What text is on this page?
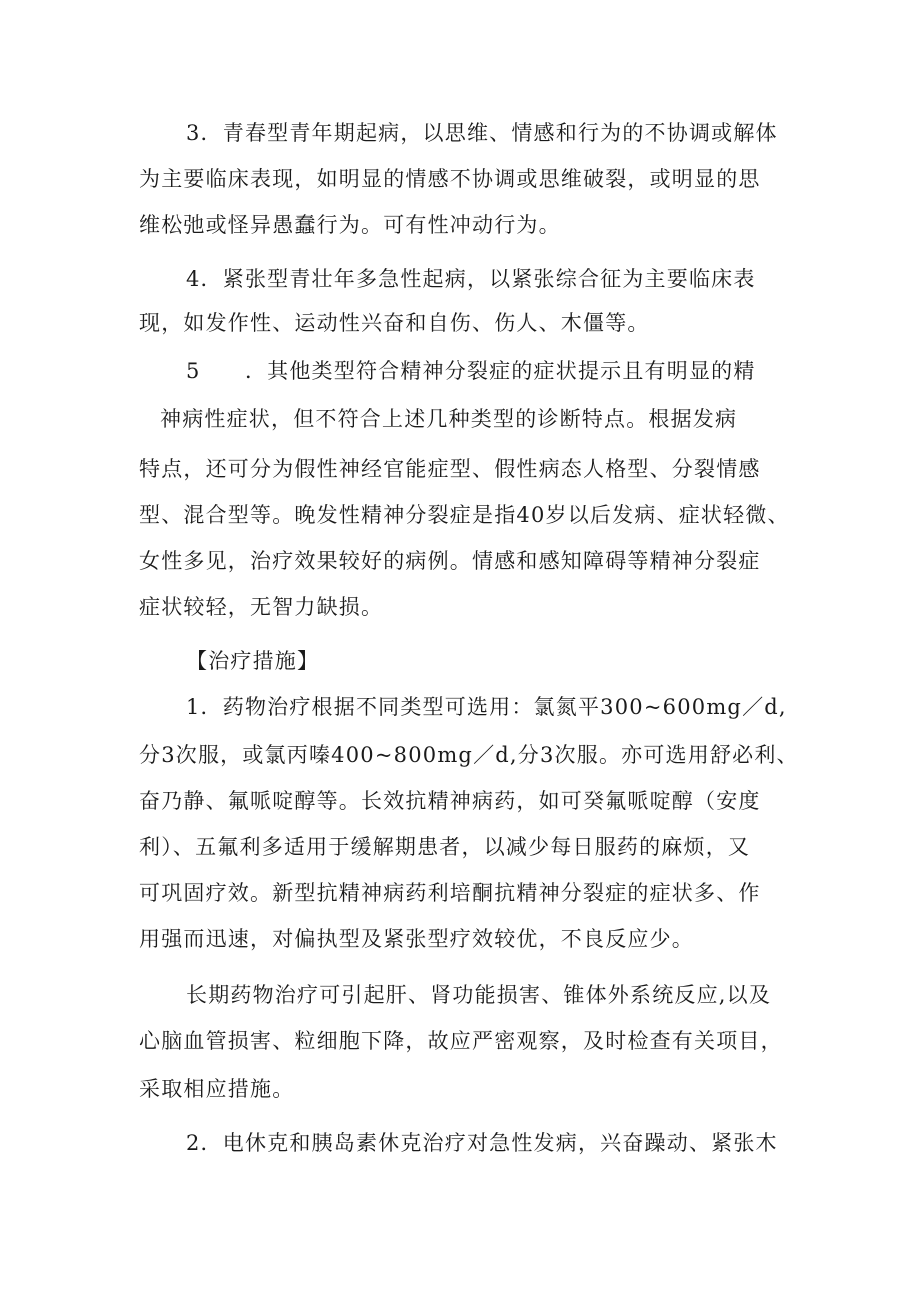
3．青春型青年期起病，以思维、情感和行为的不协调或解体
为主要临床表现，如明显的情感不协调或思维破裂，或明显的思
维松弛或怪异愚蠢行为。可有性冲动行为。
4．紧张型青壮年多急性起病，以紧张综合征为主要临床表
现，如发作性、运动性兴奋和自伤、伤人、木僵等。
5　　．其他类型符合精神分裂症的症状提示且有明显的精
神病性症状，但不符合上述几种类型的诊断特点。根据发病
特点，还可分为假性神经官能症型、假性病态人格型、分裂情感
型、混合型等。晚发性精神分裂症是指40岁以后发病、症状轻微、
女性多见，治疗效果较好的病例。情感和感知障碍等精神分裂症
症状较轻，无智力缺损。
【治疗措施】
1．药物治疗根据不同类型可选用：氯氮平300~600mg／d,
分3次服，或氯丙嗪400~800mg／d,分3次服。亦可选用舒必利、
奋乃静、氟哌啶醇等。长效抗精神病药，如可癸氟哌啶醇（安度
利）、五氟利多适用于缓解期患者，以减少每日服药的麻烦，又
可巩固疗效。新型抗精神病药利培酮抗精神分裂症的症状多、作
用强而迅速，对偏执型及紧张型疗效较优，不良反应少。
长期药物治疗可引起肝、肾功能损害、锥体外系统反应,以及
心脑血管损害、粒细胞下降，故应严密观察，及时检查有关项目，
采取相应措施。
2．电休克和胰岛素休克治疗对急性发病，兴奋躁动、紧张木
